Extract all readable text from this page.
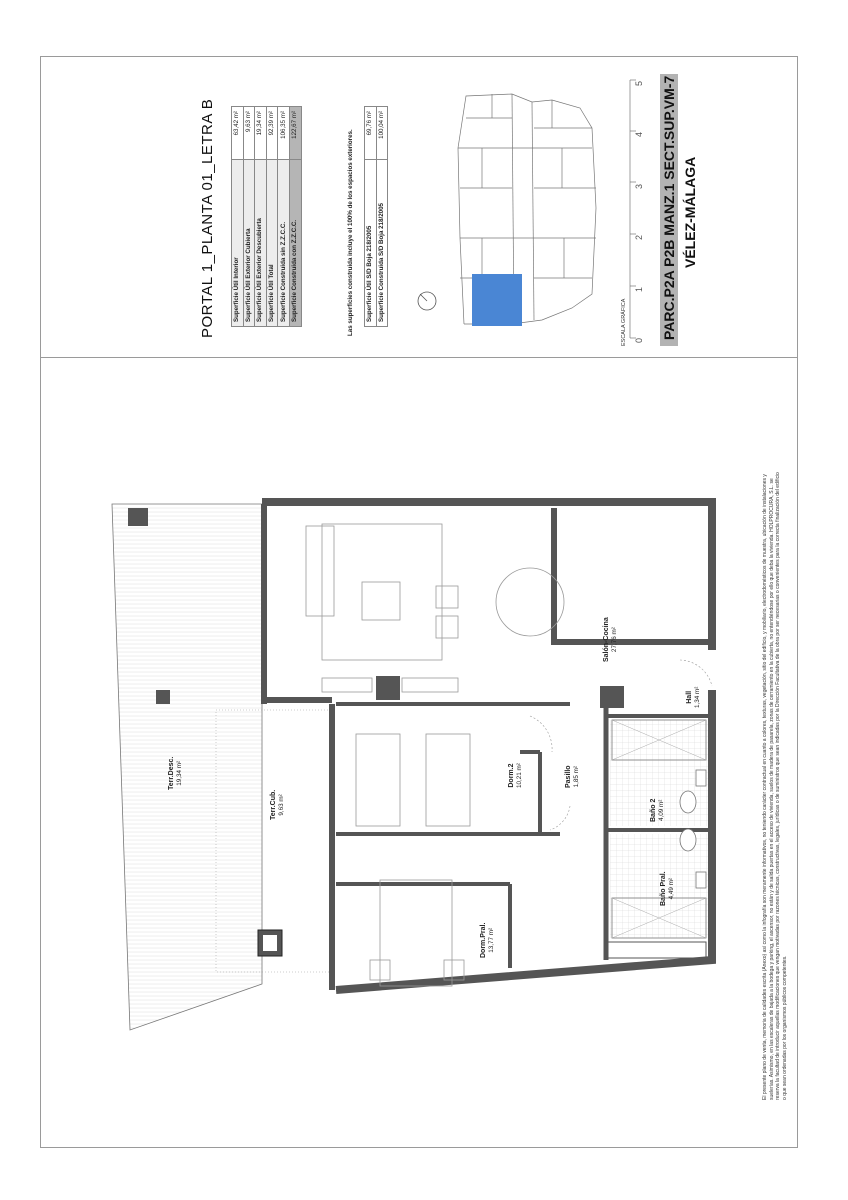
PORTAL 1_PLANTA 01_LETRA B	Superficie Útil Interior	63,42 m²
Superficie Útil Exterior Cubierta	9,63 m²
Superficie Útil Exterior Descubierta	19,34 m²
Superficie Útil Total	92,39 m²
Superficie Construida sin Z.Z.C.C.	106,35 m²
Superficie Construida con Z.Z.C.C.	122,67 m²
Las superficies construida incluye el 100% de los espacios exteriores. Superficie Útil S/D Boja 218/2005	69,76 m²
Superficie Construida S/D Boja 218/2005	100,04 m²
ESCALA GRÁFICA 0
1
2
3
4
5 PARC.P2A P2B MANZ.1 SECT.SUP.VM-7 VÉLEZ-MÁLAGA
Salón-Cocina 27,76 m²
Hall 1,34 m²
Dorm.2 10,21 m²	Pasillo 1,85 m²
Baño 2 4,09 m²
Baño Pral. 4,49 m²
Dorm.Pral. 13,77 m²
Terr.Cub. 9,63 m²
Terr.Desc. 19,34 m²	El presente plano de venta, memoria de calidades escrita (Anexo) así como la infografía son meramente informativos, no teniendo carácter contractual en cuanto a colores, texturas, vegetación, sitio del edificio, y mobiliario, electrodomésticos de muestra, ubicación de instalaciones y suelerías. Asimismo, en las escaleras de bajada a la bodega y parking, el ascensor, no están y de salida puertas en el acceso de vivienda, suelos de madera de pasarela, zonas de cerramiento en la cubierta, no entendiéndose por ello que deba la vivienda. HOLPROCURA, S.L. se reserva la facultad de introducir aquellas modificaciones que vengan motivadas por razones técnicas, constructivas, legales, jurídicas o de suministros que sean indicadas por la Dirección Facultativa de la obra por ser necesarias o convenientes para la correcta finalización del edificio o que sean ordenadas por los organismos públicos competentes.
